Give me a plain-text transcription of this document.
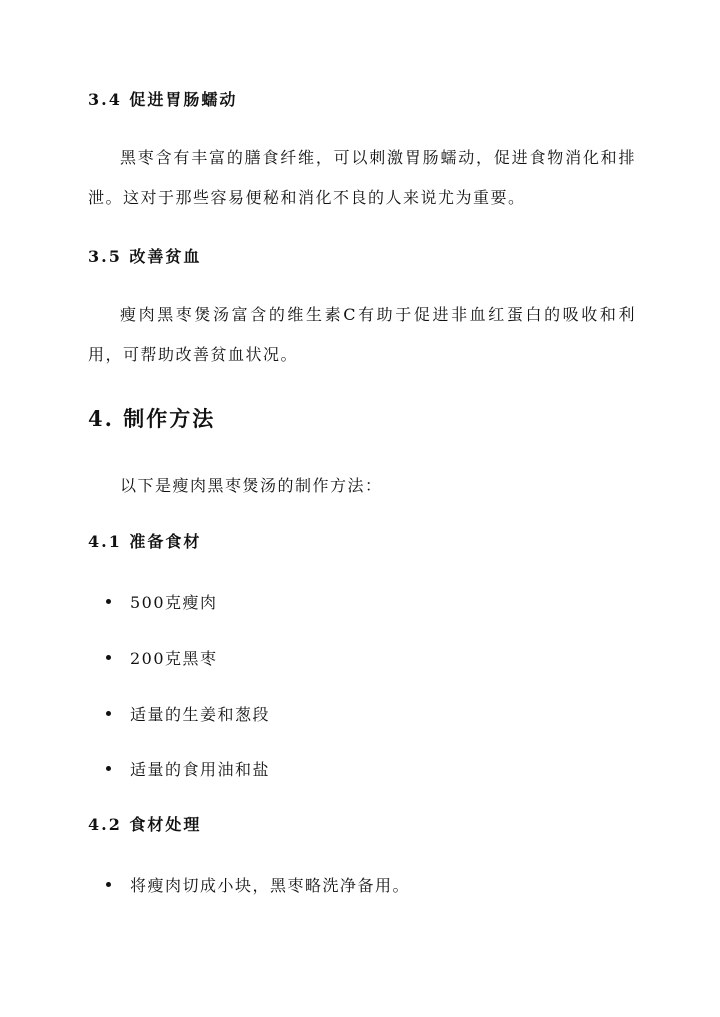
3.4 促进胃肠蠕动
黑枣含有丰富的膳食纤维，可以刺激胃肠蠕动，促进食物消化和排泄。这对于那些容易便秘和消化不良的人来说尤为重要。
3.5 改善贫血
瘦肉黑枣煲汤富含的维生素C有助于促进非血红蛋白的吸收和利用，可帮助改善贫血状况。
4. 制作方法
以下是瘦肉黑枣煲汤的制作方法：
4.1 准备食材
500克瘦肉
200克黑枣
适量的生姜和葱段
适量的食用油和盐
4.2 食材处理
将瘦肉切成小块，黑枣略洗净备用。
